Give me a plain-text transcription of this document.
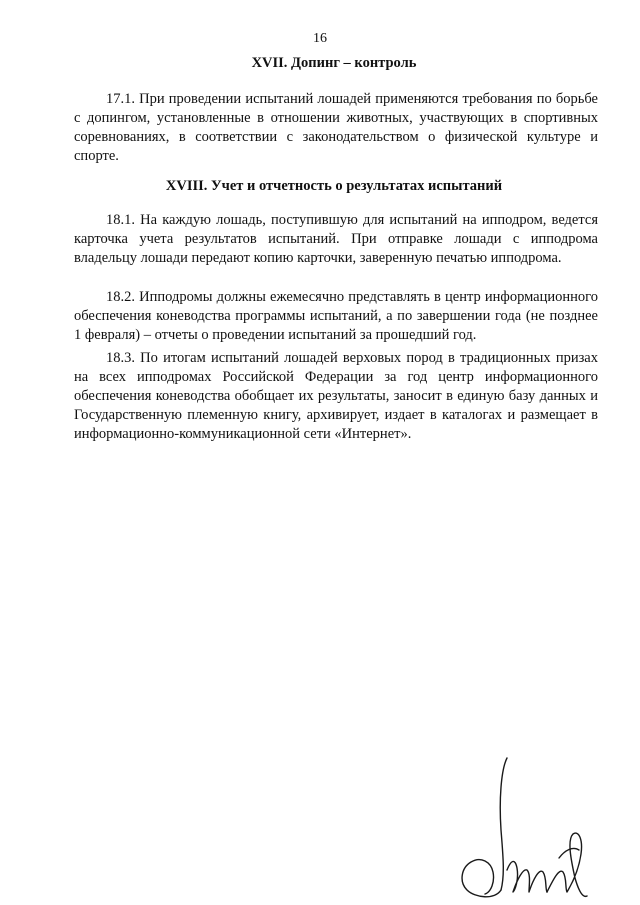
16
XVII. Допинг – контроль

17.1. При проведении испытаний лошадей применяются требования по борьбе с допингом, установленные в отношении животных, участвующих в спортивных соревнованиях, в соответствии с законодательством о физической культуре и спорте.

XVIII. Учет и отчетность о результатах испытаний

18.1. На каждую лошадь, поступившую для испытаний на ипподром, ведется карточка учета результатов испытаний. При отправке лошади с ипподрома владельцу лошади передают копию карточки, заверенную печатью ипподрома.

18.2. Ипподромы должны ежемесячно представлять в центр информационного обеспечения коневодства программы испытаний, а по завершении года (не позднее 1 февраля) – отчеты о проведении испытаний за прошедший год.

18.3. По итогам испытаний лошадей верховых пород в традиционных призах на всех ипподромах Российской Федерации за год центр информационного обеспечения коневодства обобщает их результаты, заносит в единую базу данных и Государственную племенную книгу, архивирует, издает в каталогах и размещает в информационно-коммуникационной сети «Интернет».
